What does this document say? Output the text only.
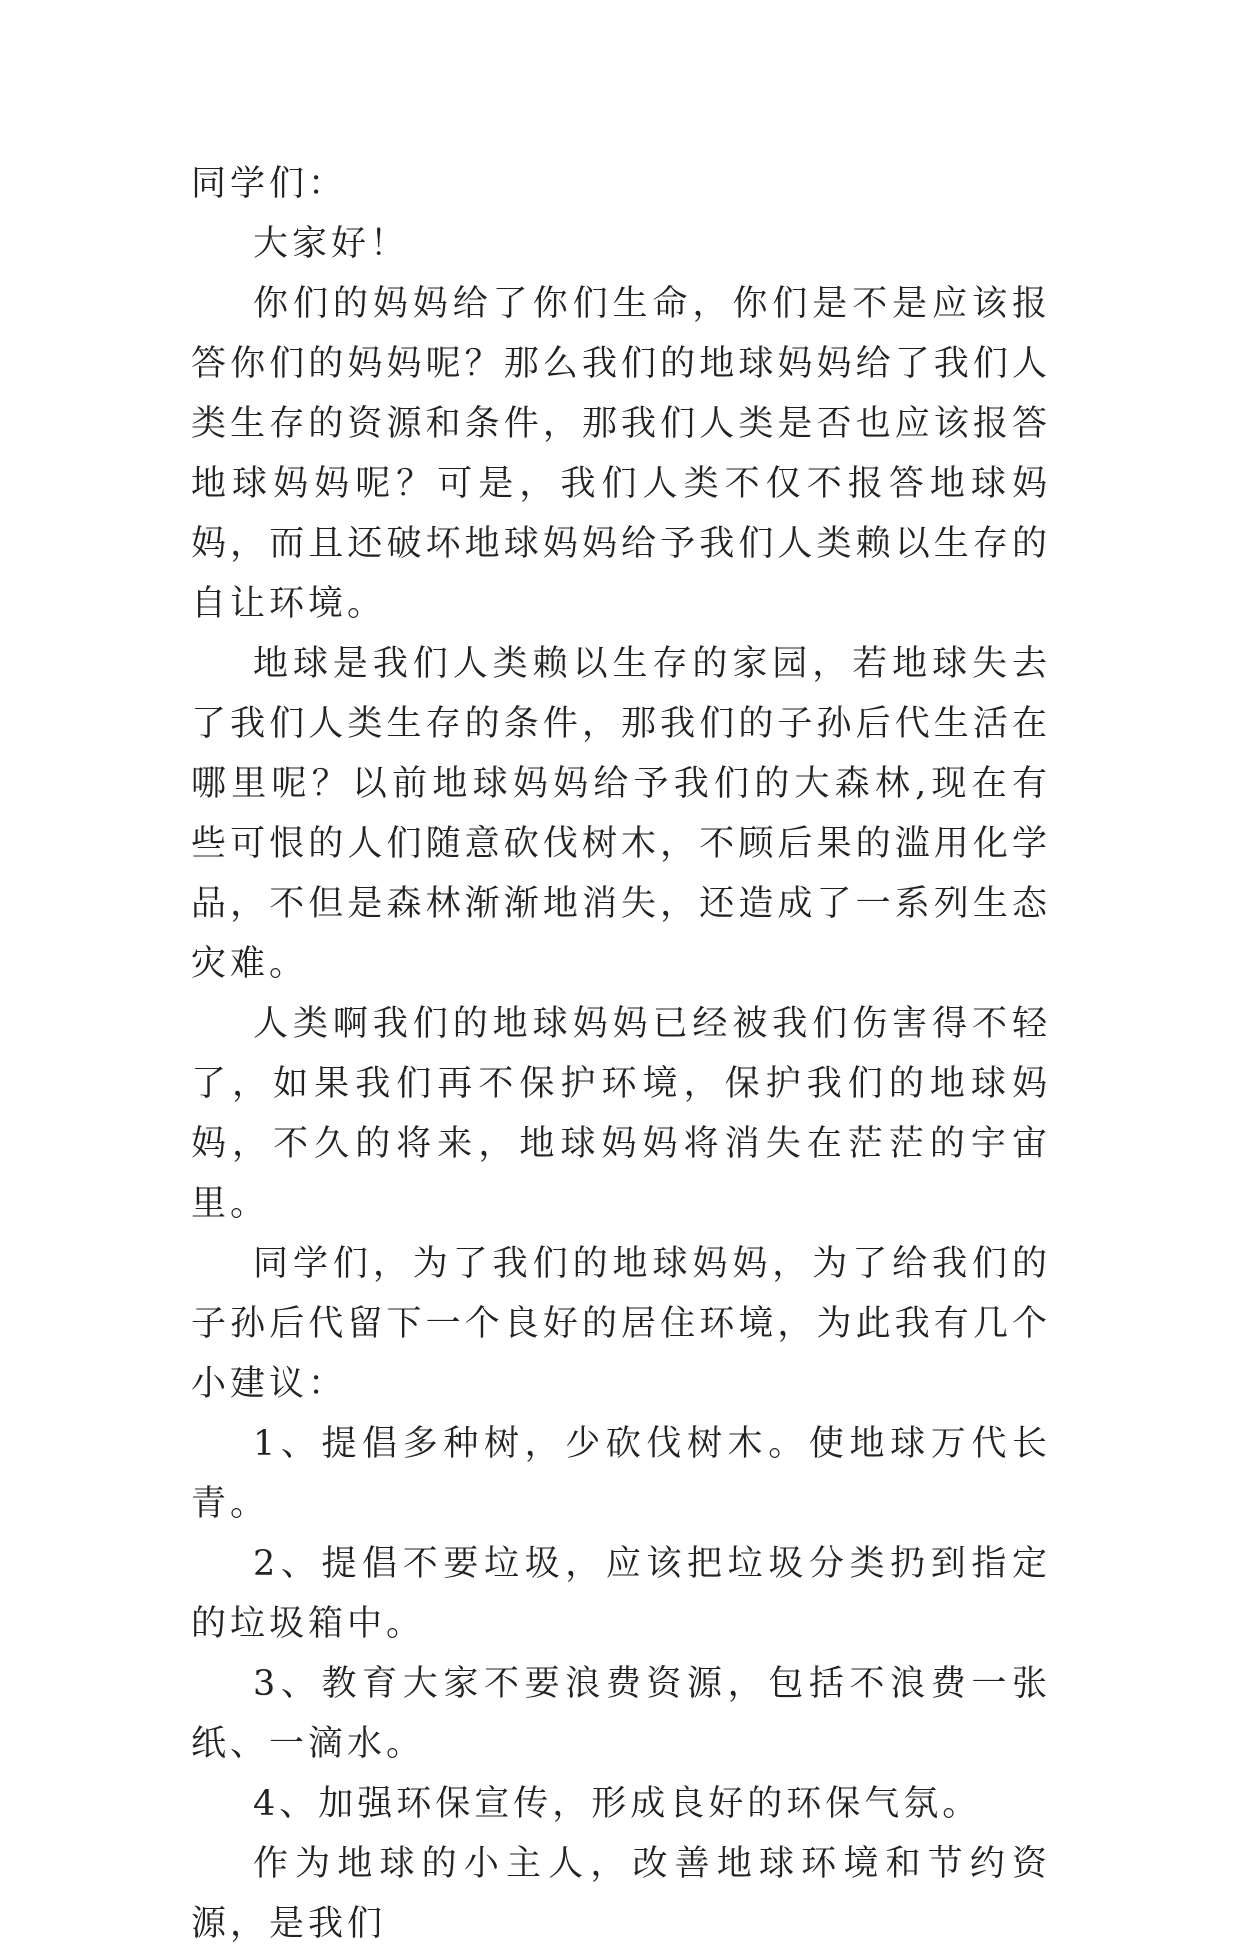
同学们：

大家好！

你们的妈妈给了你们生命，你们是不是应该报答你们的妈妈呢？那么我们的地球妈妈给了我们人类生存的资源和条件，那我们人类是否也应该报答地球妈妈呢？可是，我们人类不仅不报答地球妈妈，而且还破坏地球妈妈给予我们人类赖以生存的自让环境。

地球是我们人类赖以生存的家园，若地球失去了我们人类生存的条件，那我们的子孙后代生活在哪里呢？以前地球妈妈给予我们的大森林,现在有些可恨的人们随意砍伐树木，不顾后果的滥用化学品，不但是森林渐渐地消失，还造成了一系列生态灾难。

人类啊我们的地球妈妈已经被我们伤害得不轻了，如果我们再不保护环境，保护我们的地球妈妈，不久的将来，地球妈妈将消失在茫茫的宇宙里。

同学们，为了我们的地球妈妈，为了给我们的子孙后代留下一个良好的居住环境，为此我有几个小建议：

1、提倡多种树，少砍伐树木。使地球万代长青。

2、提倡不要垃圾，应该把垃圾分类扔到指定的垃圾箱中。

3、教育大家不要浪费资源，包括不浪费一张纸、一滴水。

4、加强环保宣传，形成良好的环保气氛。

作为地球的小主人，改善地球环境和节约资源，是我们
